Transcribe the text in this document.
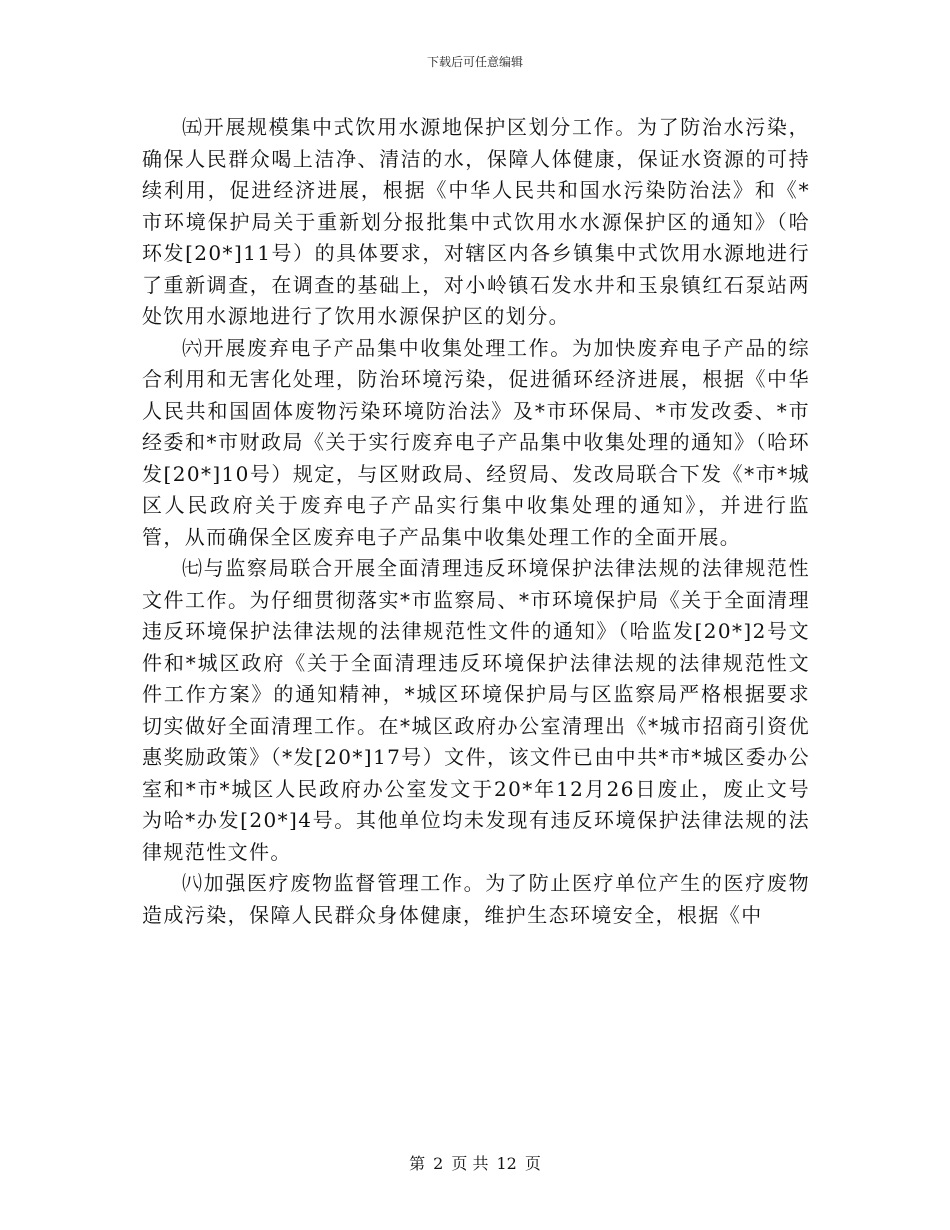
下载后可任意编辑

㈤开展规模集中式饮用水源地保护区划分工作。为了防治水污染，确保人民群众喝上洁净、清洁的水，保障人体健康，保证水资源的可持续利用，促进经济进展，根据《中华人民共和国水污染防治法》和《*市环境保护局关于重新划分报批集中式饮用水水源保护区的通知》（哈环发[20*]11号）的具体要求，对辖区内各乡镇集中式饮用水源地进行了重新调查，在调查的基础上，对小岭镇石发水井和玉泉镇红石泵站两处饮用水源地进行了饮用水源保护区的划分。

㈥开展废弃电子产品集中收集处理工作。为加快废弃电子产品的综合利用和无害化处理，防治环境污染，促进循环经济进展，根据《中华人民共和国固体废物污染环境防治法》及*市环保局、*市发改委、*市经委和*市财政局《关于实行废弃电子产品集中收集处理的通知》（哈环发[20*]10号）规定，与区财政局、经贸局、发改局联合下发《*市*城区人民政府关于废弃电子产品实行集中收集处理的通知》，并进行监管，从而确保全区废弃电子产品集中收集处理工作的全面开展。

㈦与监察局联合开展全面清理违反环境保护法律法规的法律规范性文件工作。为仔细贯彻落实*市监察局、*市环境保护局《关于全面清理违反环境保护法律法规的法律规范性文件的通知》（哈监发[20*]2号文件和*城区政府《关于全面清理违反环境保护法律法规的法律规范性文件工作方案》的通知精神，*城区环境保护局与区监察局严格根据要求切实做好全面清理工作。在*城区政府办公室清理出《*城市招商引资优惠奖励政策》（*发[20*]17号）文件，该文件已由中共*市*城区委办公室和*市*城区人民政府办公室发文于20*年12月26日废止，废止文号为哈*办发[20*]4号。其他单位均未发现有违反环境保护法律法规的法律规范性文件。

㈧加强医疗废物监督管理工作。为了防止医疗单位产生的医疗废物造成污染，保障人民群众身体健康，维护生态环境安全，根据《中

第 2 页 共 12 页
